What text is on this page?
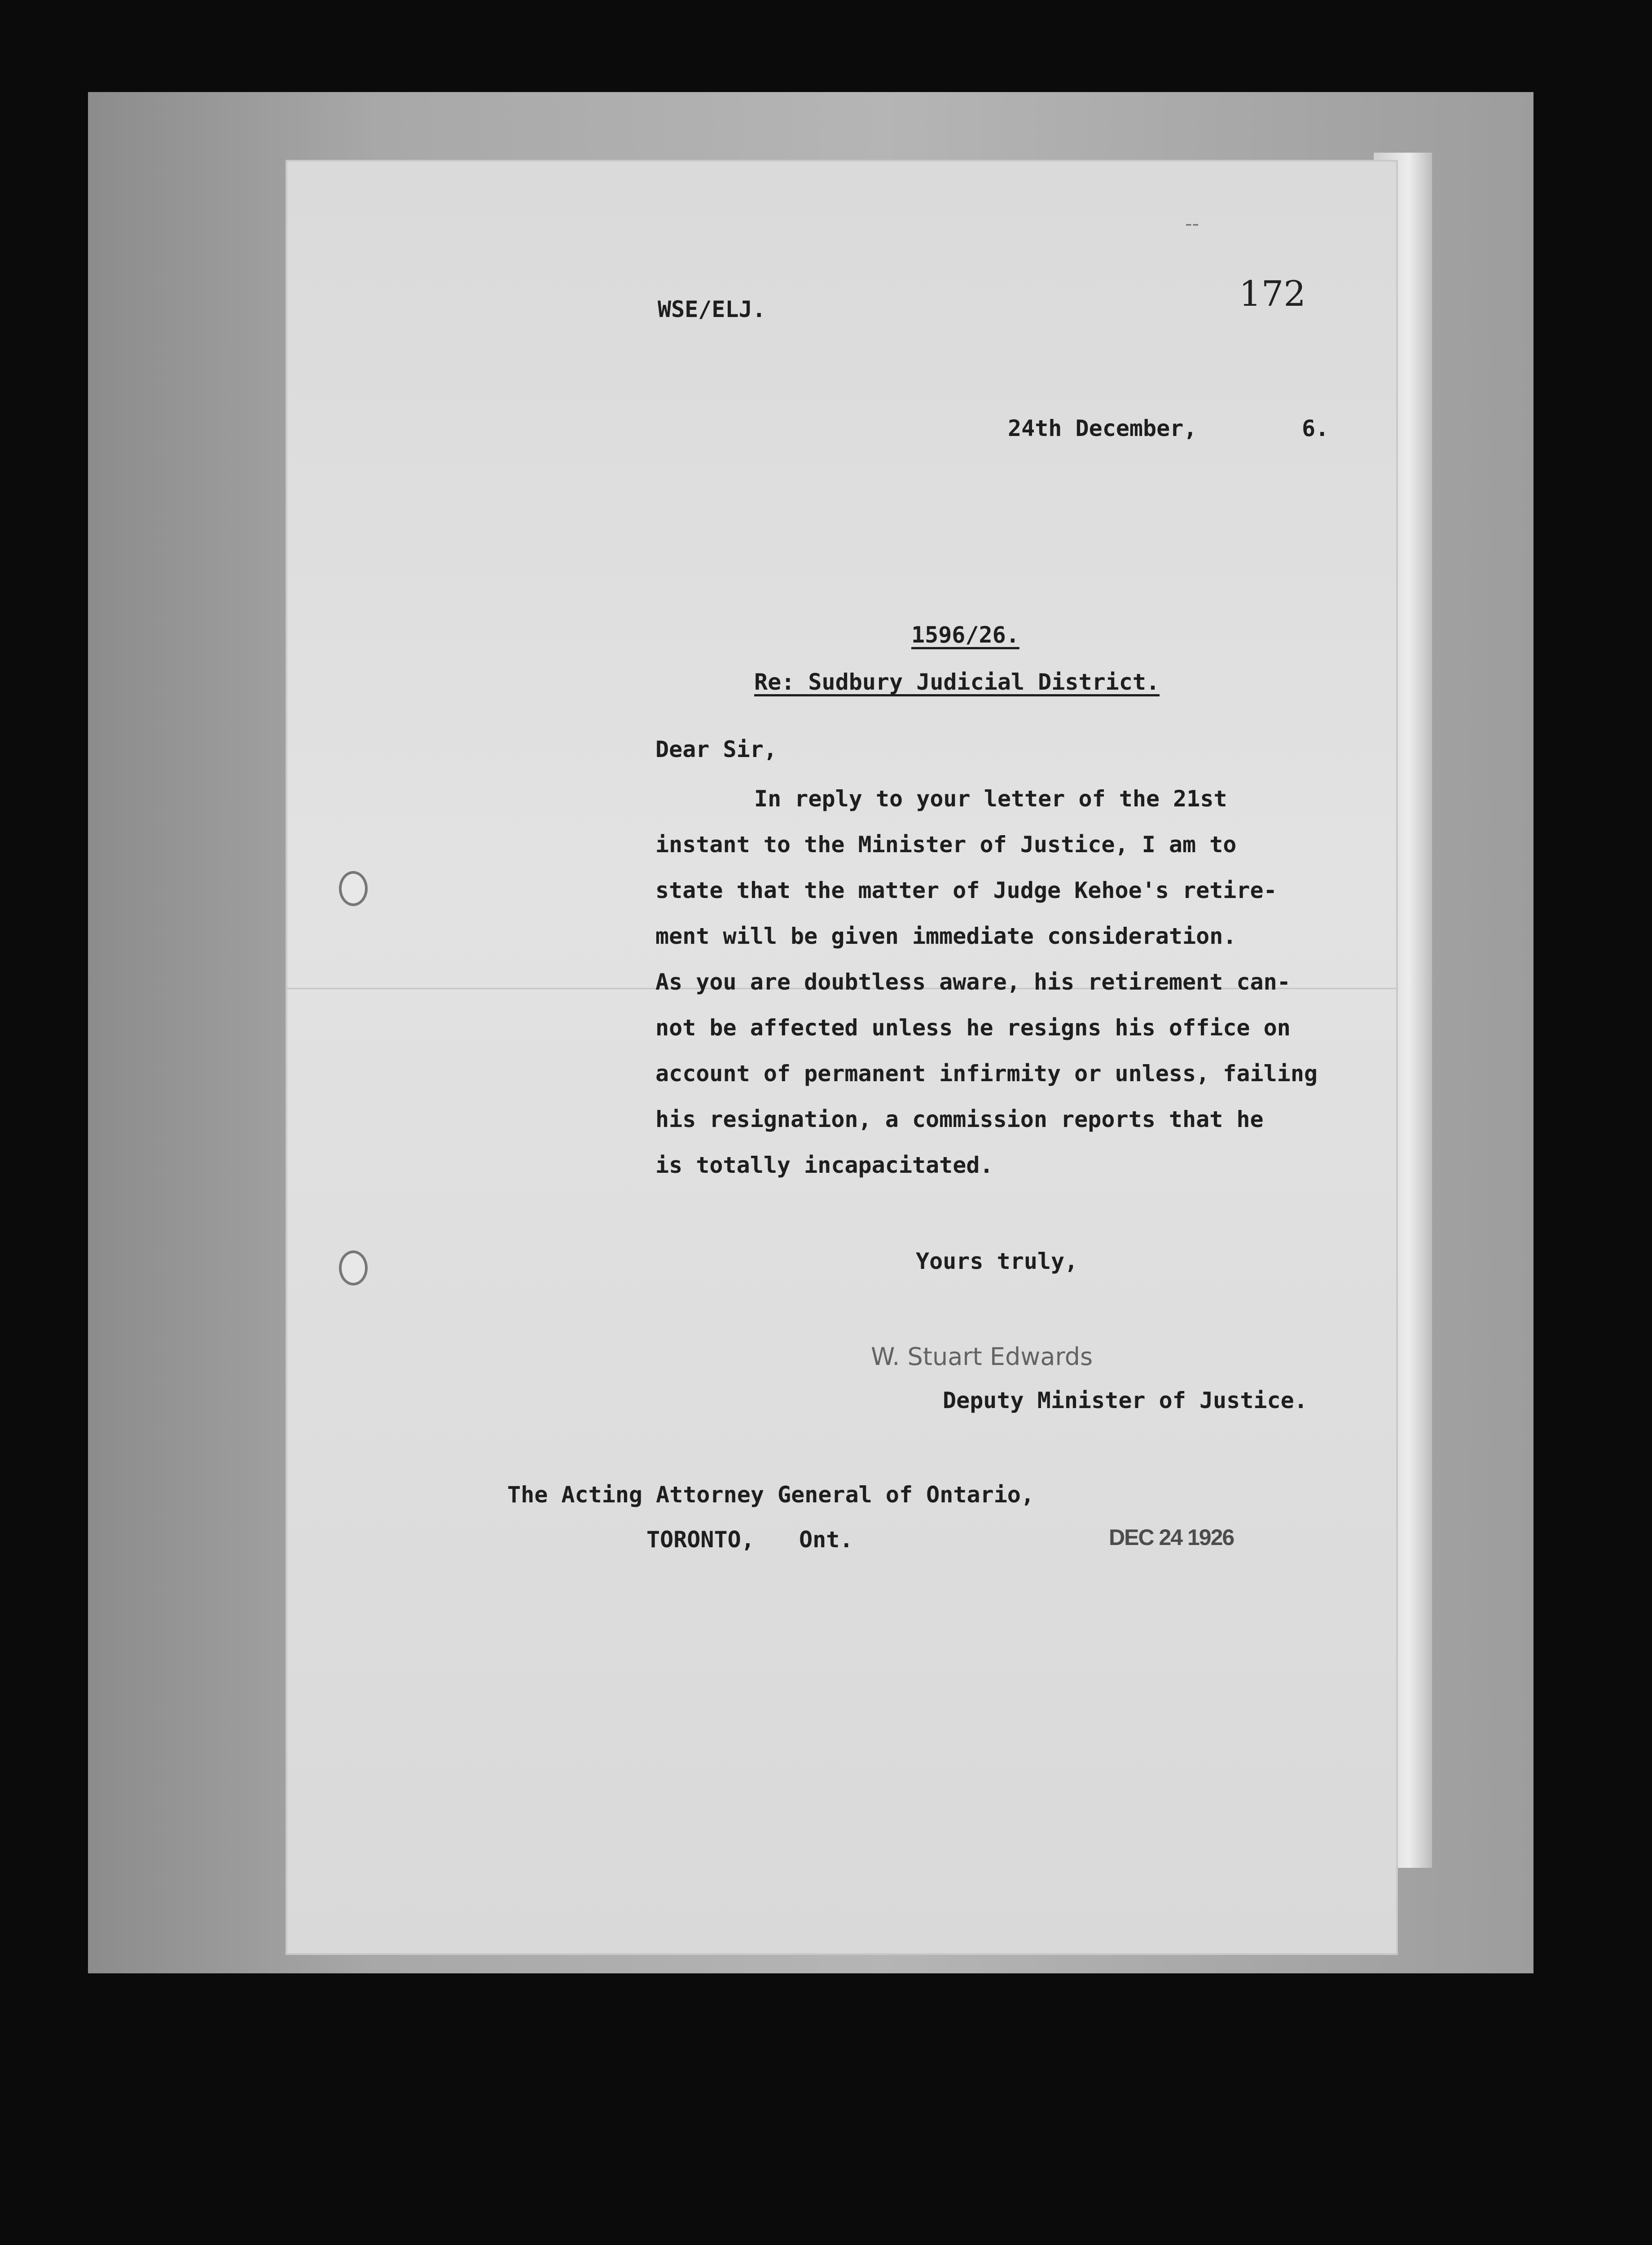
--
172
WSE/ELJ.
24th December,	6.
1596/26.
Re: Sudbury Judicial District.
Dear Sir,
In reply to your letter of the 21st
instant to the Minister of Justice, I am to
state that the matter of Judge Kehoe's retire-
ment will be given immediate consideration.
As you are doubtless aware, his retirement can-
not be affected unless he resigns his office on
account of permanent infirmity or unless, failing
his resignation, a commission reports that he
is totally incapacitated.
Yours truly,
W. Stuart Edwards
Deputy Minister of Justice.
The Acting Attorney General of Ontario,
TORONTO, Ont.	DEC 24 1926
